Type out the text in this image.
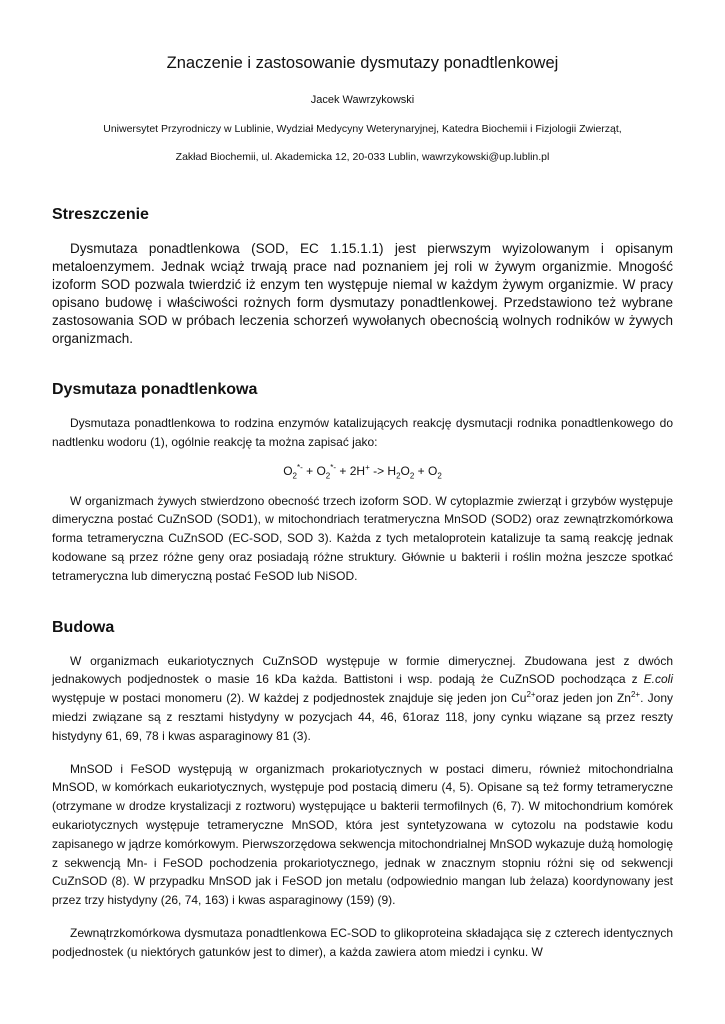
Znaczenie i zastosowanie dysmutazy ponadtlenkowej
Jacek Wawrzykowski
Uniwersytet Przyrodniczy w Lublinie, Wydział Medycyny Weterynaryjnej, Katedra Biochemii i Fizjologii Zwierząt,
Zakład Biochemii, ul. Akademicka 12, 20-033 Lublin, wawrzykowski@up.lublin.pl
Streszczenie

Dysmutaza ponadtlenkowa (SOD, EC 1.15.1.1) jest pierwszym wyizolowanym i opisanym metaloenzymem. Jednak wciąż trwają prace nad poznaniem jej roli w żywym organizmie. Mnogość izoform SOD pozwala twierdzić iż enzym ten występuje niemal w każdym żywym organizmie. W pracy opisano budowę i właściwości rożnych form dysmutazy ponadtlenkowej. Przedstawiono też wybrane zastosowania SOD w próbach leczenia schorzeń wywołanych obecnością wolnych rodników w żywych organizmach.

Dysmutaza ponadtlenkowa

Dysmutaza ponadtlenkowa to rodzina enzymów katalizujących reakcję dysmutacji rodnika ponadtlenkowego do nadtlenku wodoru (1), ogólnie reakcję ta można zapisać jako:

$O_2^{*-} + O_2^{*-} + 2H^+ -> H_2O_2 + O_2$

W organizmach żywych stwierdzono obecność trzech izoform SOD. W cytoplazmie zwierząt i grzybów występuje dimeryczna postać CuZnSOD (SOD1), w mitochondriach teratmeryczna MnSOD (SOD2) oraz zewnątrzkomórkowa forma tetrameryczna CuZnSOD (EC-SOD, SOD 3). Każda z tych metaloprotein katalizuje ta samą reakcję jednak kodowane są przez różne geny oraz posiadają różne struktury. Głównie u bakterii i roślin można jeszcze spotkać tetrameryczna lub dimeryczną postać FeSOD lub NiSOD.

Budowa

W organizmach eukariotycznych CuZnSOD występuje w formie dimerycznej. Zbudowana jest z dwóch jednakowych podjednostek o masie 16 kDa każda. Battistoni i wsp. podają że CuZnSOD pochodząca z E.coli występuje w postaci monomeru (2). W każdej z podjednostek znajduje się jeden jon $Cu^{2+}oraz$ jeden jon $Zn^{2+}$. Jony miedzi związane są z resztami histydyny w pozycjach 44, 46, 61oraz 118, jony cynku wiązane są przez reszty histydyny 61, 69, 78 i kwas asparaginowy 81 (3).

MnSOD i FeSOD występują w organizmach prokariotycznych w postaci dimeru, również mitochondrialna MnSOD, w komórkach eukariotycznych, występuje pod postacią dimeru (4, 5). Opisane są też formy tetrameryczne (otrzymane w drodze krystalizacji z roztworu) występujące u bakterii termofilnych (6, 7). W mitochondrium komórek eukariotycznych występuje tetrameryczne MnSOD, która jest syntetyzowana w cytozolu na podstawie kodu zapisanego w jądrze komórkowym. Pierwszorzędowa sekwencja mitochondrialnej MnSOD wykazuje dużą homologię z sekwencją Mn- i FeSOD pochodzenia prokariotycznego, jednak w znacznym stopniu różni się od sekwencji CuZnSOD (8). W przypadku MnSOD jak i FeSOD jon metalu (odpowiednio mangan lub żelaza) koordynowany jest przez trzy histydyny (26, 74, 163) i kwas asparaginowy (159) (9).

Zewnątrzkomórkowa dysmutaza ponadtlenkowa EC-SOD to glikoproteina składająca się z czterech identycznych podjednostek (u niektórych gatunków jest to dimer), a każda zawiera atom miedzi i cynku. W
